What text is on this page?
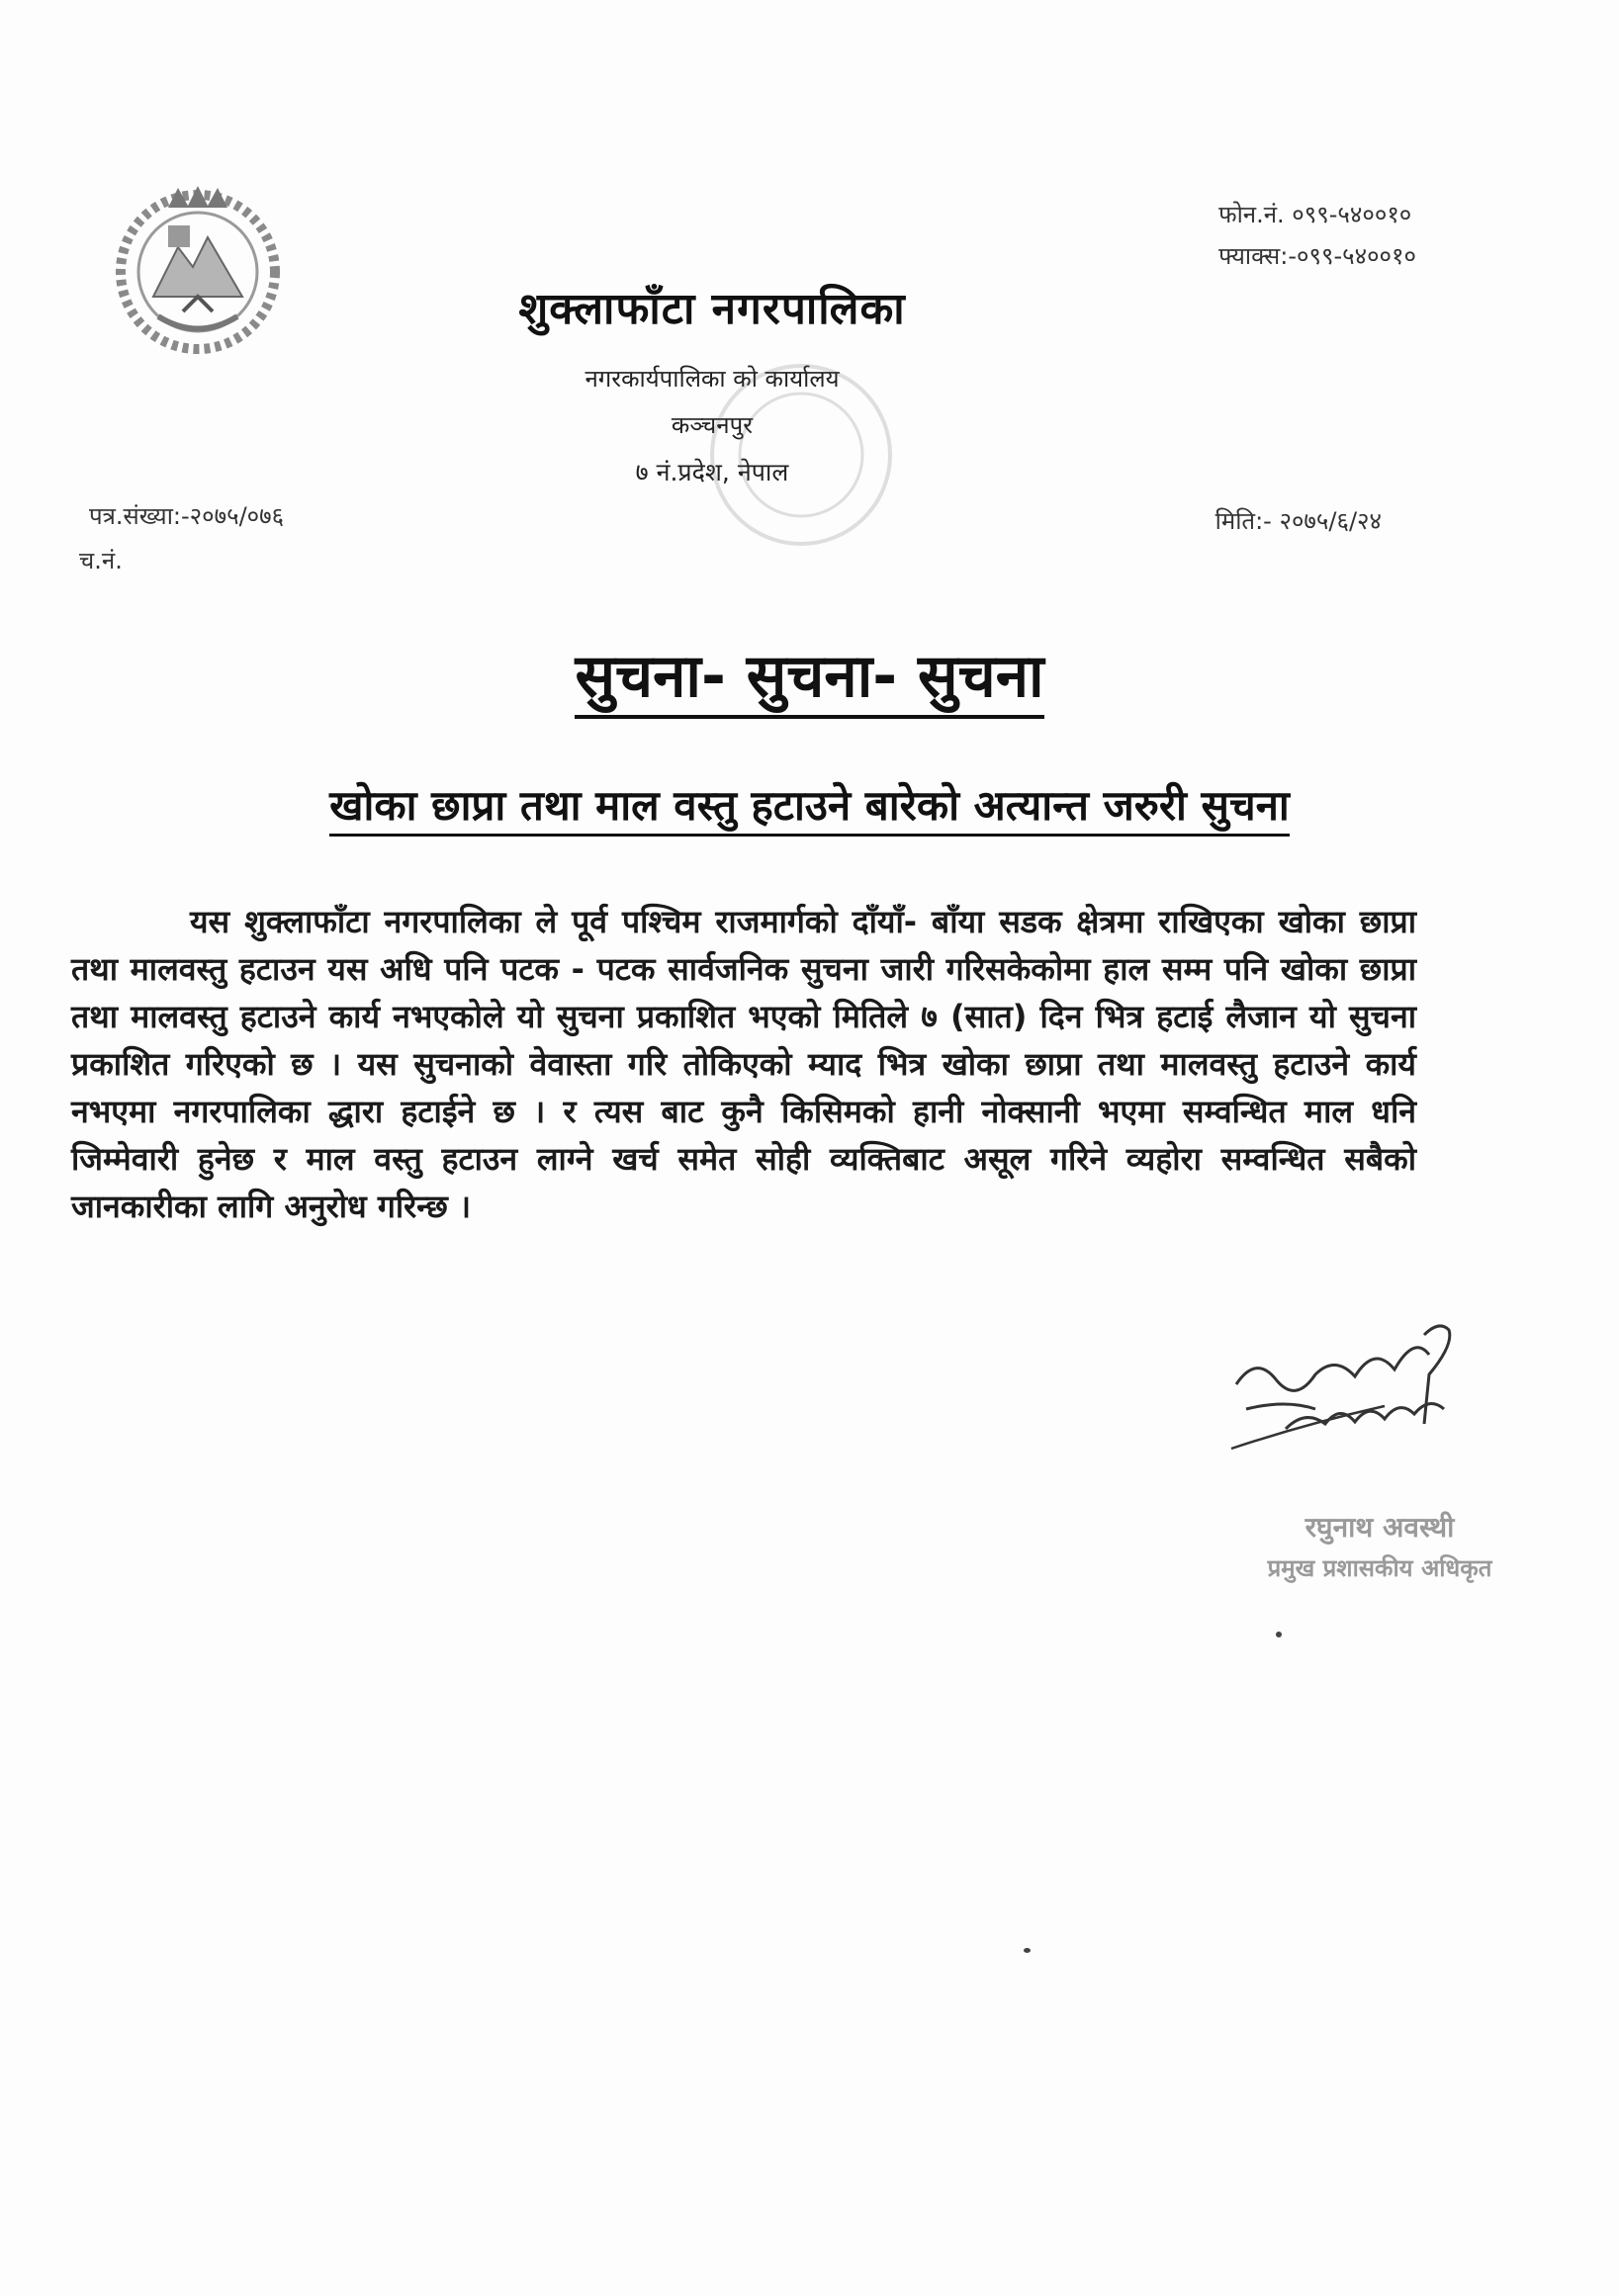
फोन.नं. ०९९-५४००१०
फ्याक्स:-०९९-५४००१०
शुक्लाफाँटा नगरपालिका
नगरकार्यपालिका को कार्यालय
कञ्चनपुर
७ नं.प्रदेश, नेपाल
पत्र.संख्या:-२०७५/०७६
च.नं.
मिति:- २०७५/६/२४
सुचना- सुचना- सुचना
खोका छाप्रा तथा माल वस्तु हटाउने बारेको अत्यान्त जरुरी सुचना
यस शुक्लाफाँटा नगरपालिका ले पूर्व पश्चिम राजमार्गको दाँयाँ- बाँया सडक क्षेत्रमा राखिएका खोका छाप्रा तथा मालवस्तु हटाउन यस अधि पनि पटक - पटक सार्वजनिक सुचना जारी गरिसकेकोमा हाल सम्म पनि खोका छाप्रा तथा मालवस्तु हटाउने कार्य नभएकोले यो सुचना प्रकाशित भएको मितिले ७ (सात) दिन भित्र हटाई लैजान यो सुचना प्रकाशित गरिएको छ । यस सुचनाको वेवास्ता गरि तोकिएको म्याद भित्र खोका छाप्रा तथा मालवस्तु हटाउने कार्य नभएमा नगरपालिका द्धारा हटाईने छ । र त्यस बाट कुनै किसिमको हानी नोक्सानी भएमा सम्वन्धित माल धनि जिम्मेवारी हुनेछ र माल वस्तु हटाउन लाग्ने खर्च समेत सोही व्यक्तिबाट असूल गरिने व्यहोरा सम्वन्धित सबैको जानकारीका लागि अनुरोध गरिन्छ ।
रघुनाथ अवस्थी
प्रमुख प्रशासकीय अधिकृत
